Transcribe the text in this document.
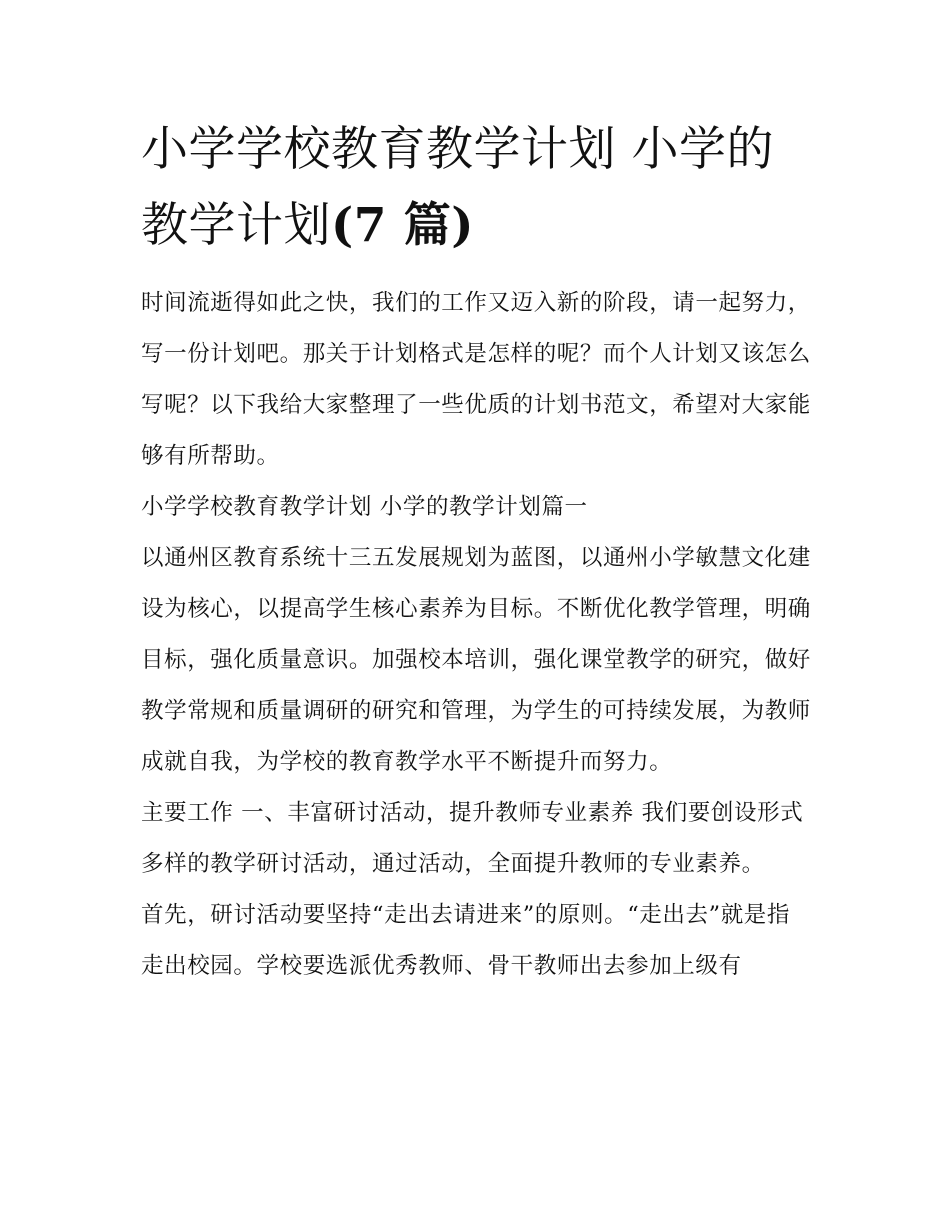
小学学校教育教学计划 小学的教学计划(7 篇)

时间流逝得如此之快，我们的工作又迈入新的阶段，请一起努力，写一份计划吧。那关于计划格式是怎样的呢？而个人计划又该怎么写呢？以下我给大家整理了一些优质的计划书范文，希望对大家能够有所帮助。

小学学校教育教学计划 小学的教学计划篇一

以通州区教育系统十三五发展规划为蓝图，以通州小学敏慧文化建设为核心，以提高学生核心素养为目标。不断优化教学管理，明确目标，强化质量意识。加强校本培训，强化课堂教学的研究，做好教学常规和质量调研的研究和管理，为学生的可持续发展，为教师成就自我，为学校的教育教学水平不断提升而努力。

主要工作 一、丰富研讨活动，提升教师专业素养 我们要创设形式多样的教学研讨活动，通过活动，全面提升教师的专业素养。

首先，研讨活动要坚持“走出去请进来”的原则。“走出去”就是指走出校园。学校要选派优秀教师、骨干教师出去参加上级有
